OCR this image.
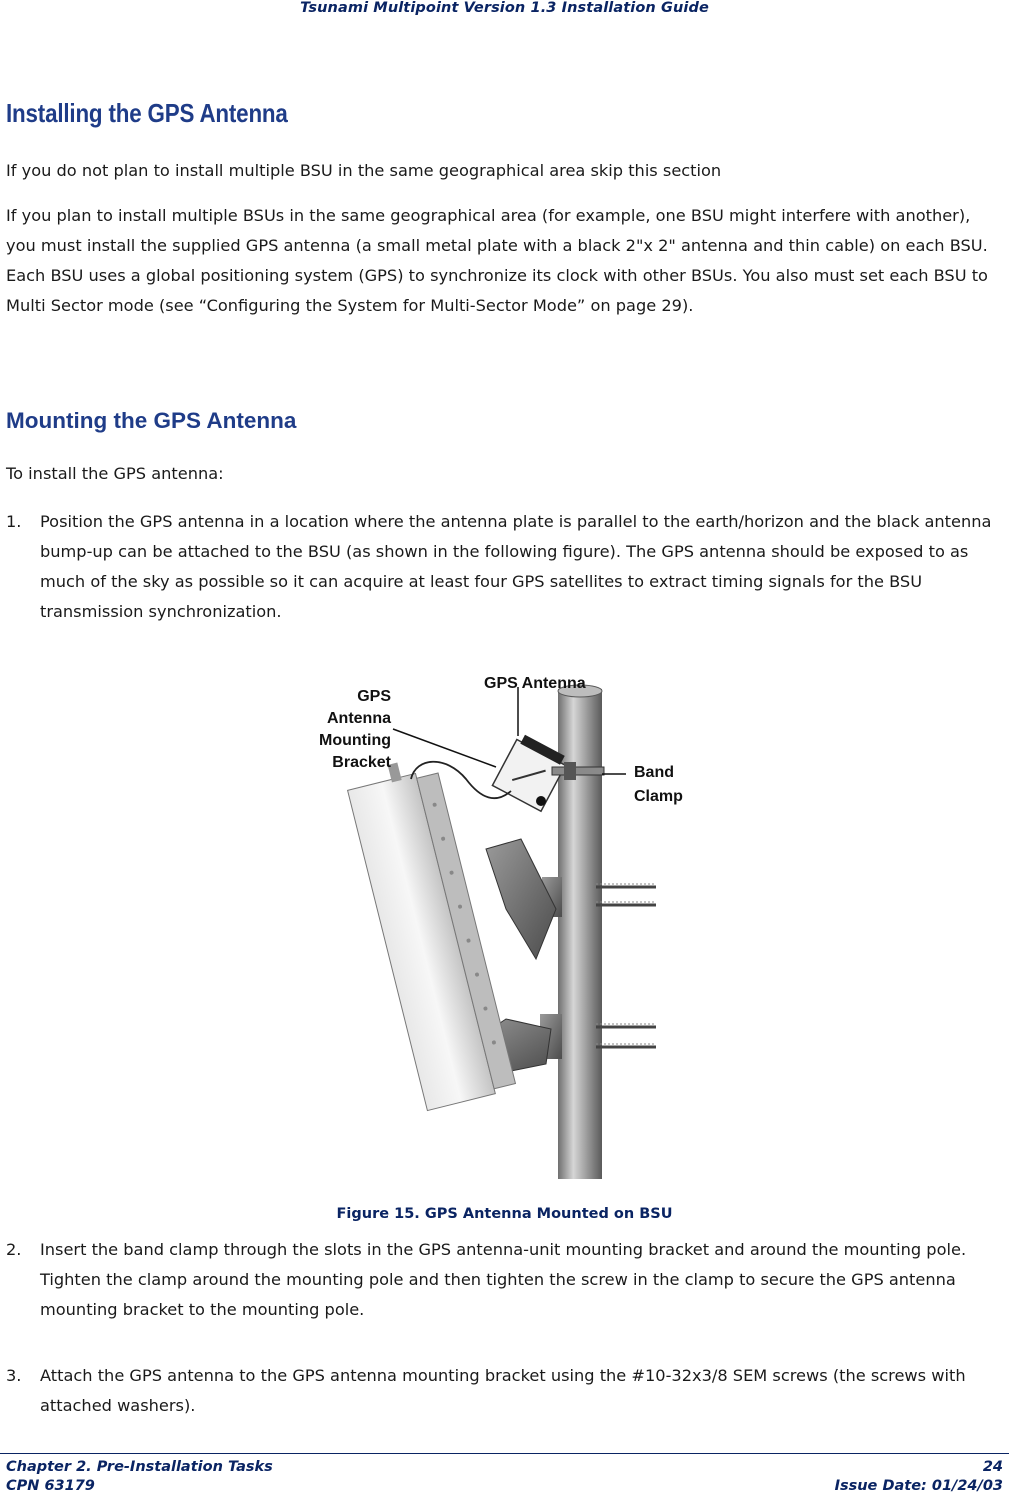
Tsunami Multipoint Version 1.3 Installation Guide
Installing the GPS Antenna
If you do not plan to install multiple BSU in the same geographical area skip this section
If you plan to install multiple BSUs in the same geographical area (for example, one BSU might interfere with another), you must install the supplied GPS antenna (a small metal plate with a black 2"x 2" antenna and thin cable) on each BSU. Each BSU uses a global positioning system (GPS) to synchronize its clock with other BSUs. You also must set each BSU to Multi Sector mode (see “Configuring the System for Multi-Sector Mode” on page 29).
Mounting the GPS Antenna
To install the GPS antenna:
1. Position the GPS antenna in a location where the antenna plate is parallel to the earth/horizon and the black antenna bump-up can be attached to the BSU (as shown in the following figure). The GPS antenna should be exposed to as much of the sky as possible so it can acquire at least four GPS satellites to extract timing signals for the BSU transmission synchronization.
GPS Antenna
GPS
Antenna
Mounting
Bracket
Band
Clamp
Figure 15. GPS Antenna Mounted on BSU
2. Insert the band clamp through the slots in the GPS antenna-unit mounting bracket and around the mounting pole. Tighten the clamp around the mounting pole and then tighten the screw in the clamp to secure the GPS antenna mounting bracket to the mounting pole.
3. Attach the GPS antenna to the GPS antenna mounting bracket using the #10-32x3/8 SEM screws (the screws with attached washers).
Chapter 2. Pre-Installation Tasks
CPN 63179
24
Issue Date: 01/24/03
